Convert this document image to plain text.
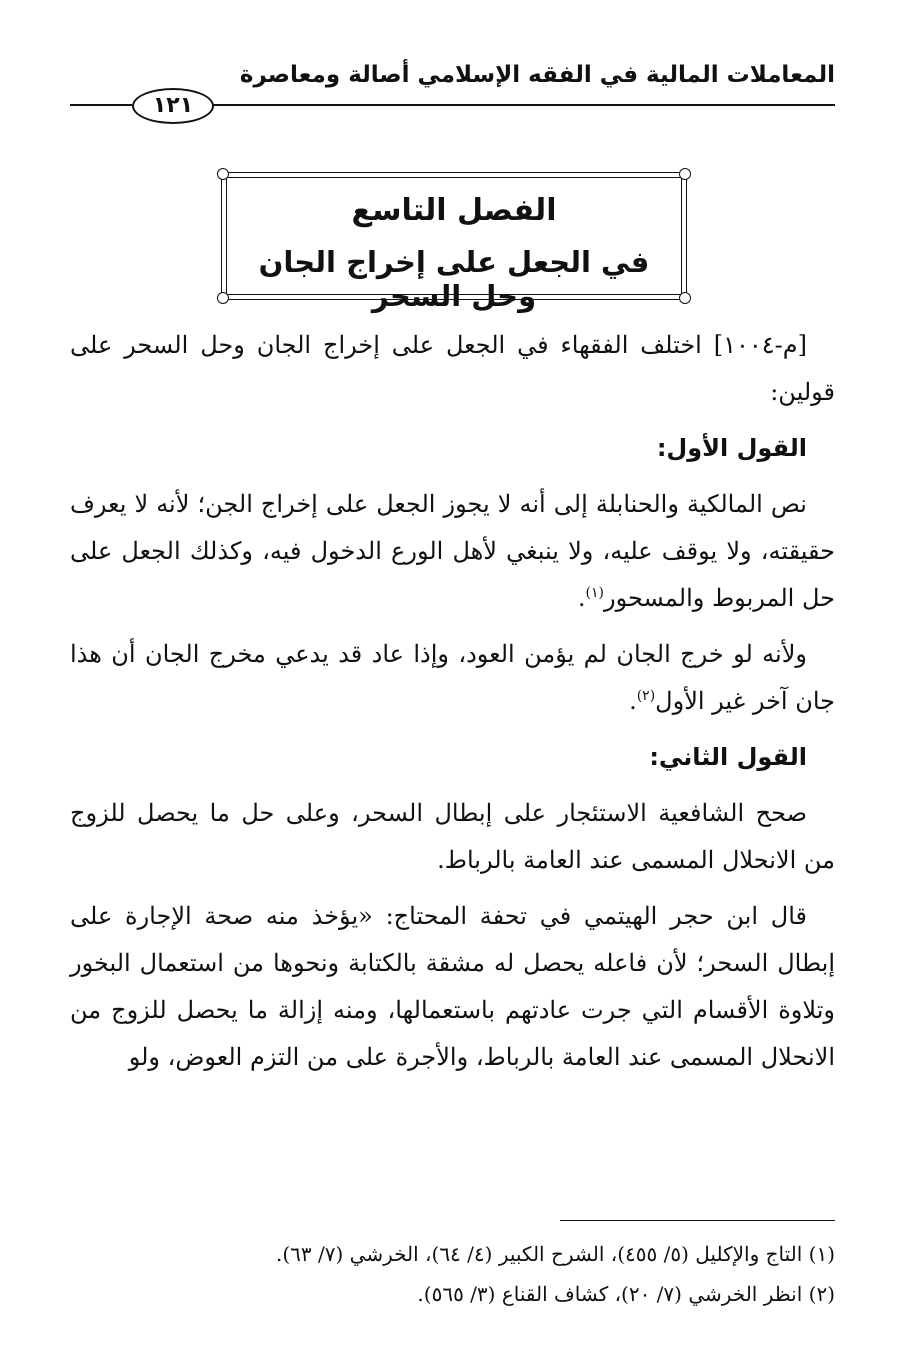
المعاملات المالية في الفقه الإسلامي أصالة ومعاصرة
١٢١
الفصل التاسع
في الجعل على إخراج الجان وحل السحر

[م-١٠٠٤] اختلف الفقهاء في الجعل على إخراج الجان وحل السحر على قولين:

القول الأول:

نص المالكية والحنابلة إلى أنه لا يجوز الجعل على إخراج الجن؛ لأنه لا يعرف حقيقته، ولا يوقف عليه، ولا ينبغي لأهل الورع الدخول فيه، وكذلك الجعل على حل المربوط والمسحور$^{(١)}$.

ولأنه لو خرج الجان لم يؤمن العود، وإذا عاد قد يدعي مخرج الجان أن هذا جان آخر غير الأول$^{(٢)}$.

القول الثاني:

صحح الشافعية الاستئجار على إبطال السحر، وعلى حل ما يحصل للزوج من الانحلال المسمى عند العامة بالرباط.

قال ابن حجر الهيتمي في تحفة المحتاج: «يؤخذ منه صحة الإجارة على إبطال السحر؛ لأن فاعله يحصل له مشقة بالكتابة ونحوها من استعمال البخور وتلاوة الأقسام التي جرت عادتهم باستعمالها، ومنه إزالة ما يحصل للزوج من الانحلال المسمى عند العامة بالرباط، والأجرة على من التزم العوض، ولو

(١) التاج والإكليل (٥/ ٤٥٥)، الشرح الكبير (٤/ ٦٤)، الخرشي (٧/ ٦٣).
(٢) انظر الخرشي (٧/ ٢٠)، كشاف القناع (٣/ ٥٦٥).
